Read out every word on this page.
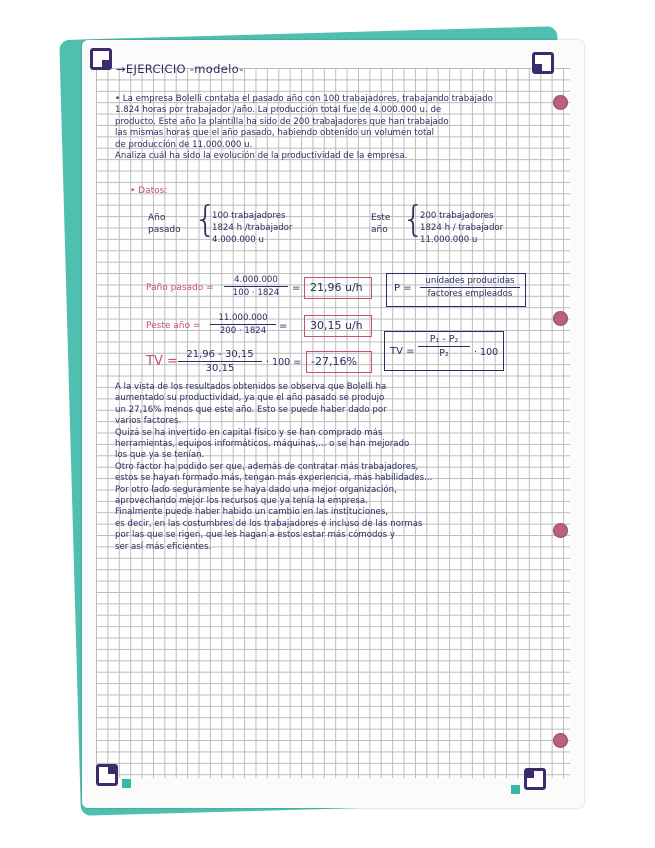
→EJERCICIO -modelo-
• La empresa Bolelli contaba el pasado año con 100 trabajadores, trabajando trabajado
1.824 horas por trabajador /año. La producción total fue de 4.000.000 u. de
producto. Este año la plantilla ha sido de 200 trabajadores que han trabajado
las mismas horas que el año pasado, habiendo obtenido un volumen total
de producción de 11.000.000 u.
Analiza cuál ha sido la evolución de la productividad de la empresa.
• Datos:
Año
pasado {
100 trabajadores
1824 h /trabajador
4.000.000 u
Este
año {
200 trabajadores
1824 h / trabajador
11.000.000 u
P =
unidades producidas
factores empleados
Paño pasado = $\frac{4.000.000}{100 \cdot 1824} = 21,96$ u/h
Peste año = $\frac{11.000.000}{200 \cdot 1824} = 30,15$ u/h
TV = $\frac{21,96 - 30,15}{30,15} \cdot 100 = -27,16\%$
TV = $\frac{\text{P₁ - P₂}}{\text{P₂}} \cdot 100$
A la vista de los resultados obtenidos se observa que Bolelli ha
aumentado su productividad, ya que el año pasado se produjo
un 27,16% menos que este año. Esto se puede haber dado por
varios factores.
Quizá se ha invertido en capital físico y se han comprado más
herramientas, equipos informáticos, máquinas,... o se han mejorado
los que ya se tenían.
Otro factor ha podido ser que, además de contratar más trabajadores,
estos se hayan formado más, tengan más experiencia, más habilidades...
Por otro lado seguramente se haya dado una mejor organización,
aprovechando mejor los recursos que ya tenía la empresa.
Finalmente puede haber habido un cambio en las instituciones,
es decir, en las costumbres de los trabajadores e incluso de las normas
por las que se rigen, que les hagan a estos estar más cómodos y
ser así más eficientes.
